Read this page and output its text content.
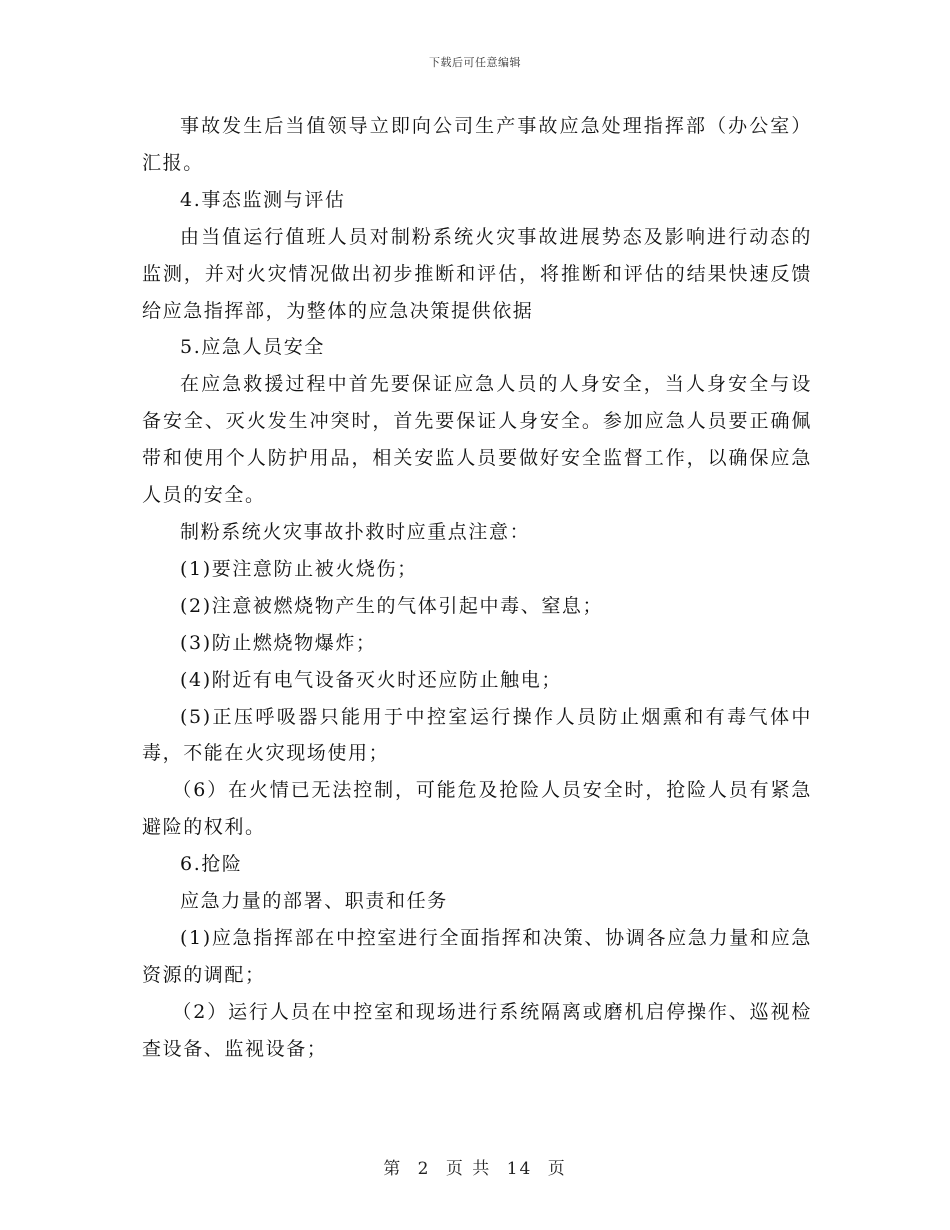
下载后可任意编辑

事故发生后当值领导立即向公司生产事故应急处理指挥部（办公室）汇报。

4.事态监测与评估

由当值运行值班人员对制粉系统火灾事故进展势态及影响进行动态的监测，并对火灾情况做出初步推断和评估，将推断和评估的结果快速反馈给应急指挥部，为整体的应急决策提供依据

5.应急人员安全

在应急救援过程中首先要保证应急人员的人身安全，当人身安全与设备安全、灭火发生冲突时，首先要保证人身安全。参加应急人员要正确佩带和使用个人防护用品，相关安监人员要做好安全监督工作，以确保应急人员的安全。

制粉系统火灾事故扑救时应重点注意：

(1)要注意防止被火烧伤；

(2)注意被燃烧物产生的气体引起中毒、窒息；

(3)防止燃烧物爆炸；

(4)附近有电气设备灭火时还应防止触电；

(5)正压呼吸器只能用于中控室运行操作人员防止烟熏和有毒气体中毒，不能在火灾现场使用；

（6）在火情已无法控制，可能危及抢险人员安全时，抢险人员有紧急避险的权利。

6.抢险

应急力量的部署、职责和任务

(1)应急指挥部在中控室进行全面指挥和决策、协调各应急力量和应急资源的调配；

（2）运行人员在中控室和现场进行系统隔离或磨机启停操作、巡视检查设备、监视设备；

第 2 页 共 14 页
